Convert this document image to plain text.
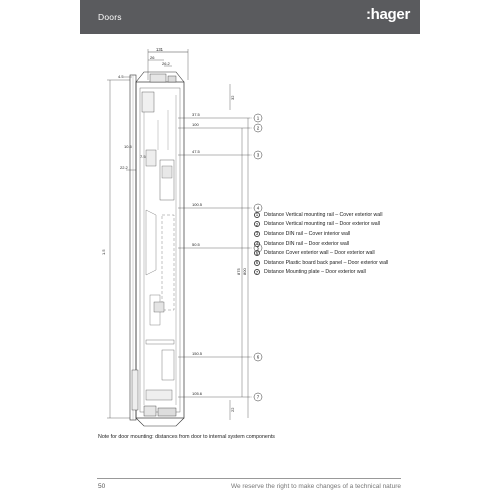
Doors	:hager
131
26
26.2
4.5
10.5
7.5
22.2
1.5
32
37.5
100
47.5
100.5
50.5
150.5
105.6
875 800
22
1
2
3
4
5
6
7
1	Distance Vertical mounting rail – Cover exterior wall
2	Distance Vertical mounting rail – Door exterior wall
3	Distance DIN rail – Cover interior wall
4	Distance DIN rail – Door exterior wall
5	Distance Cover exterior wall – Door exterior wall
6	Distance Plastic board back panel – Door exterior wall
7	Distance Mounting plate – Door exterior wall
Note for door mounting: distances from door to internal system components
50	We reserve the right to make changes of a technical nature
